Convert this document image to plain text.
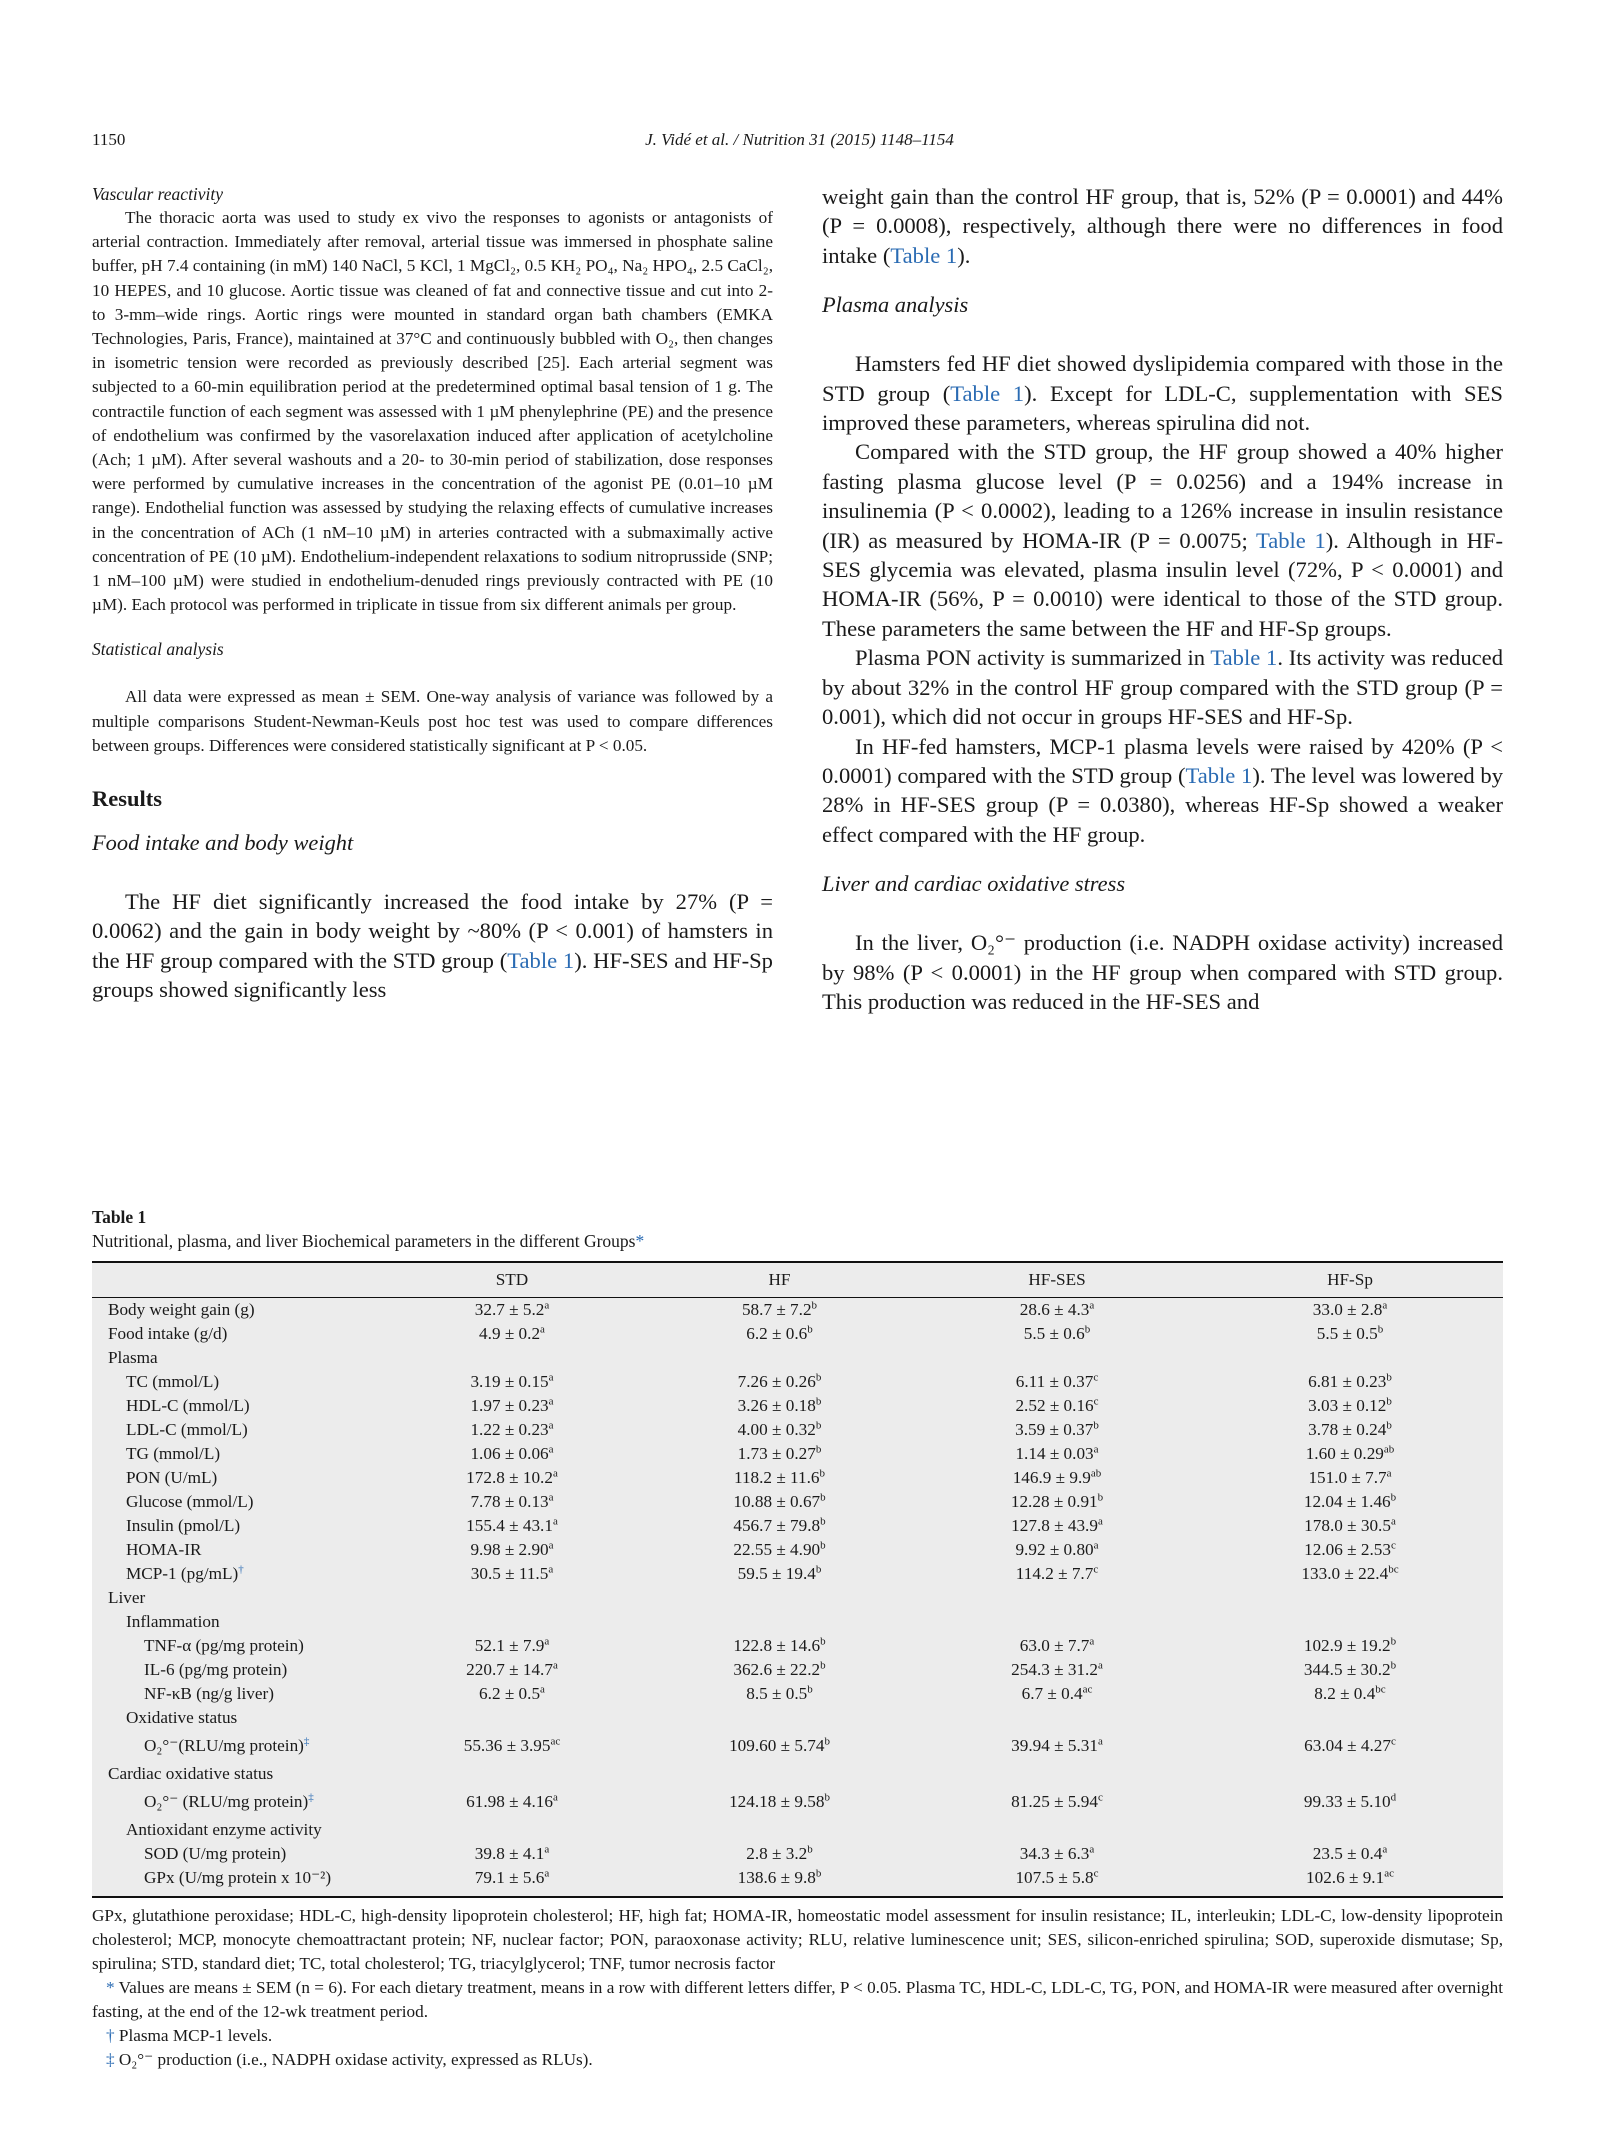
1150	J. Vidé et al. / Nutrition 31 (2015) 1148–1154
Vascular reactivity

The thoracic aorta was used to study ex vivo the responses to agonists or antagonists of arterial contraction. Immediately after removal, arterial tissue was immersed in phosphate saline buffer, pH 7.4 containing (in mM) 140 NaCl, 5 KCl, 1 MgCl₂, 0.5 KH₂ PO₄, Na₂ HPO₄, 2.5 CaCl₂, 10 HEPES, and 10 glucose. Aortic tissue was cleaned of fat and connective tissue and cut into 2- to 3-mm–wide rings. Aortic rings were mounted in standard organ bath chambers (EMKA Technologies, Paris, France), maintained at 37°C and continuously bubbled with O₂, then changes in isometric tension were recorded as previously described [25]. Each arterial segment was subjected to a 60-min equilibration period at the predetermined optimal basal tension of 1 g. The contractile function of each segment was assessed with 1 µM phenylephrine (PE) and the presence of endothelium was confirmed by the vasorelaxation induced after application of acetylcholine (Ach; 1 µM). After several washouts and a 20- to 30-min period of stabilization, dose responses were performed by cumulative increases in the concentration of the agonist PE (0.01–10 µM range). Endothelial function was assessed by studying the relaxing effects of cumulative increases in the concentration of ACh (1 nM–10 µM) in arteries contracted with a submaximally active concentration of PE (10 µM). Endothelium-independent relaxations to sodium nitroprusside (SNP; 1 nM–100 µM) were studied in endothelium-denuded rings previously contracted with PE (10 µM). Each protocol was performed in triplicate in tissue from six different animals per group.

Statistical analysis

All data were expressed as mean ± SEM. One-way analysis of variance was followed by a multiple comparisons Student-Newman-Keuls post hoc test was used to compare differences between groups. Differences were considered statistically significant at P < 0.05.

Results
Food intake and body weight

The HF diet significantly increased the food intake by 27% (P = 0.0062) and the gain in body weight by ~80% (P < 0.001) of hamsters in the HF group compared with the STD group (Table 1). HF-SES and HF-Sp groups showed significantly less

weight gain than the control HF group, that is, 52% (P = 0.0001) and 44% (P = 0.0008), respectively, although there were no differences in food intake (Table 1).

Plasma analysis

Hamsters fed HF diet showed dyslipidemia compared with those in the STD group (Table 1). Except for LDL-C, supplementation with SES improved these parameters, whereas spirulina did not.

Compared with the STD group, the HF group showed a 40% higher fasting plasma glucose level (P = 0.0256) and a 194% increase in insulinemia (P < 0.0002), leading to a 126% increase in insulin resistance (IR) as measured by HOMA-IR (P = 0.0075; Table 1). Although in HF-SES glycemia was elevated, plasma insulin level (72%, P < 0.0001) and HOMA-IR (56%, P = 0.0010) were identical to those of the STD group. These parameters the same between the HF and HF-Sp groups.

Plasma PON activity is summarized in Table 1. Its activity was reduced by about 32% in the control HF group compared with the STD group (P = 0.001), which did not occur in groups HF-SES and HF-Sp.

In HF-fed hamsters, MCP-1 plasma levels were raised by 420% (P < 0.0001) compared with the STD group (Table 1). The level was lowered by 28% in HF-SES group (P = 0.0380), whereas HF-Sp showed a weaker effect compared with the HF group.

Liver and cardiac oxidative stress

In the liver, O₂°⁻ production (i.e. NADPH oxidase activity) increased by 98% (P < 0.0001) in the HF group when compared with STD group. This production was reduced in the HF-SES and

Table 1
Nutritional, plasma, and liver Biochemical parameters in the different Groups*
	STD	HF	HF-SES	HF-Sp
Body weight gain (g)	32.7 ± 5.2$^a$	58.7 ± 7.2$^b$	28.6 ± 4.3$^a$	33.0 ± 2.8$^a$
Food intake (g/d)	4.9 ± 0.2$^a$	6.2 ± 0.6$^b$	5.5 ± 0.6$^b$	5.5 ± 0.5$^b$
Plasma				
TC (mmol/L)	3.19 ± 0.15$^a$	7.26 ± 0.26$^b$	6.11 ± 0.37$^c$	6.81 ± 0.23$^b$
HDL-C (mmol/L)	1.97 ± 0.23$^a$	3.26 ± 0.18$^b$	2.52 ± 0.16$^c$	3.03 ± 0.12$^b$
LDL-C (mmol/L)	1.22 ± 0.23$^a$	4.00 ± 0.32$^b$	3.59 ± 0.37$^b$	3.78 ± 0.24$^b$
TG (mmol/L)	1.06 ± 0.06$^a$	1.73 ± 0.27$^b$	1.14 ± 0.03$^a$	1.60 ± 0.29$^{ab}$
PON (U/mL)	172.8 ± 10.2$^a$	118.2 ± 11.6$^b$	146.9 ± 9.9$^{ab}$	151.0 ± 7.7$^a$
Glucose (mmol/L)	7.78 ± 0.13$^a$	10.88 ± 0.67$^b$	12.28 ± 0.91$^b$	12.04 ± 1.46$^b$
Insulin (pmol/L)	155.4 ± 43.1$^a$	456.7 ± 79.8$^b$	127.8 ± 43.9$^a$	178.0 ± 30.5$^a$
HOMA-IR	9.98 ± 2.90$^a$	22.55 ± 4.90$^b$	9.92 ± 0.80$^a$	12.06 ± 2.53$^c$
MCP-1 (pg/mL)†	30.5 ± 11.5$^a$	59.5 ± 19.4$^b$	114.2 ± 7.7$^c$	133.0 ± 22.4$^{bc}$
Liver				
Inflammation				
TNF-α (pg/mg protein)	52.1 ± 7.9$^a$	122.8 ± 14.6$^b$	63.0 ± 7.7$^a$	102.9 ± 19.2$^b$
IL-6 (pg/mg protein)	220.7 ± 14.7$^a$	362.6 ± 22.2$^b$	254.3 ± 31.2$^a$	344.5 ± 30.2$^b$
NF-κB (ng/g liver)	6.2 ± 0.5$^a$	8.5 ± 0.5$^b$	6.7 ± 0.4$^{ac}$	8.2 ± 0.4$^{bc}$
Oxidative status				
O₂°⁻(RLU/mg protein)‡	55.36 ± 3.95$^{ac}$	109.60 ± 5.74$^b$	39.94 ± 5.31$^a$	63.04 ± 4.27$^c$
Cardiac oxidative status				
O₂°⁻ (RLU/mg protein)‡	61.98 ± 4.16$^a$	124.18 ± 9.58$^b$	81.25 ± 5.94$^c$	99.33 ± 5.10$^d$
Antioxidant enzyme activity				
SOD (U/mg protein)	39.8 ± 4.1$^a$	2.8 ± 3.2$^b$	34.3 ± 6.3$^a$	23.5 ± 0.4$^a$
GPx (U/mg protein x 10⁻²)	79.1 ± 5.6$^a$	138.6 ± 9.8$^b$	107.5 ± 5.8$^c$	102.6 ± 9.1$^{ac}$

GPx, glutathione peroxidase; HDL-C, high-density lipoprotein cholesterol; HF, high fat; HOMA-IR, homeostatic model assessment for insulin resistance; IL, interleukin; LDL-C, low-density lipoprotein cholesterol; MCP, monocyte chemoattractant protein; NF, nuclear factor; PON, paraoxonase activity; RLU, relative luminescence unit; SES, silicon-enriched spirulina; SOD, superoxide dismutase; Sp, spirulina; STD, standard diet; TC, total cholesterol; TG, triacylglycerol; TNF, tumor necrosis factor

* Values are means ± SEM (n = 6). For each dietary treatment, means in a row with different letters differ, P < 0.05. Plasma TC, HDL-C, LDL-C, TG, PON, and HOMA-IR were measured after overnight fasting, at the end of the 12-wk treatment period.

† Plasma MCP-1 levels.

‡ O₂°⁻ production (i.e., NADPH oxidase activity, expressed as RLUs).
